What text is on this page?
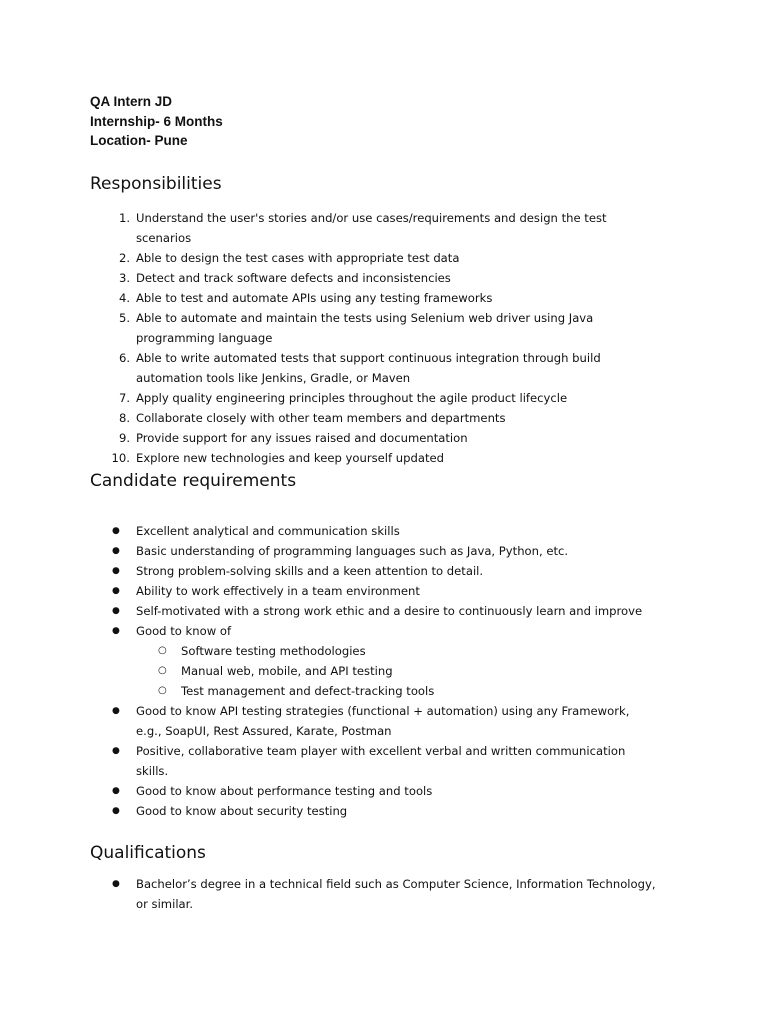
QA Intern JD
Internship- 6 Months
Location- Pune
Responsibilities
1. Understand the user's stories and/or use cases/requirements and design the test scenarios
2. Able to design the test cases with appropriate test data
3. Detect and track software defects and inconsistencies
4. Able to test and automate APIs using any testing frameworks
5. Able to automate and maintain the tests using Selenium web driver using Java programming language
6. Able to write automated tests that support continuous integration through build automation tools like Jenkins, Gradle, or Maven
7. Apply quality engineering principles throughout the agile product lifecycle
8. Collaborate closely with other team members and departments
9. Provide support for any issues raised and documentation
10. Explore new technologies and keep yourself updated
Candidate requirements
● Excellent analytical and communication skills
● Basic understanding of programming languages such as Java, Python, etc.
● Strong problem-solving skills and a keen attention to detail.
● Ability to work effectively in a team environment
● Self-motivated with a strong work ethic and a desire to continuously learn and improve
● Good to know of
○ Software testing methodologies
○ Manual web, mobile, and API testing
○ Test management and defect-tracking tools
● Good to know API testing strategies (functional + automation) using any Framework, e.g., SoapUI, Rest Assured, Karate, Postman
● Positive, collaborative team player with excellent verbal and written communication skills.
● Good to know about performance testing and tools
● Good to know about security testing
Qualifications
● Bachelor’s degree in a technical field such as Computer Science, Information Technology, or similar.
